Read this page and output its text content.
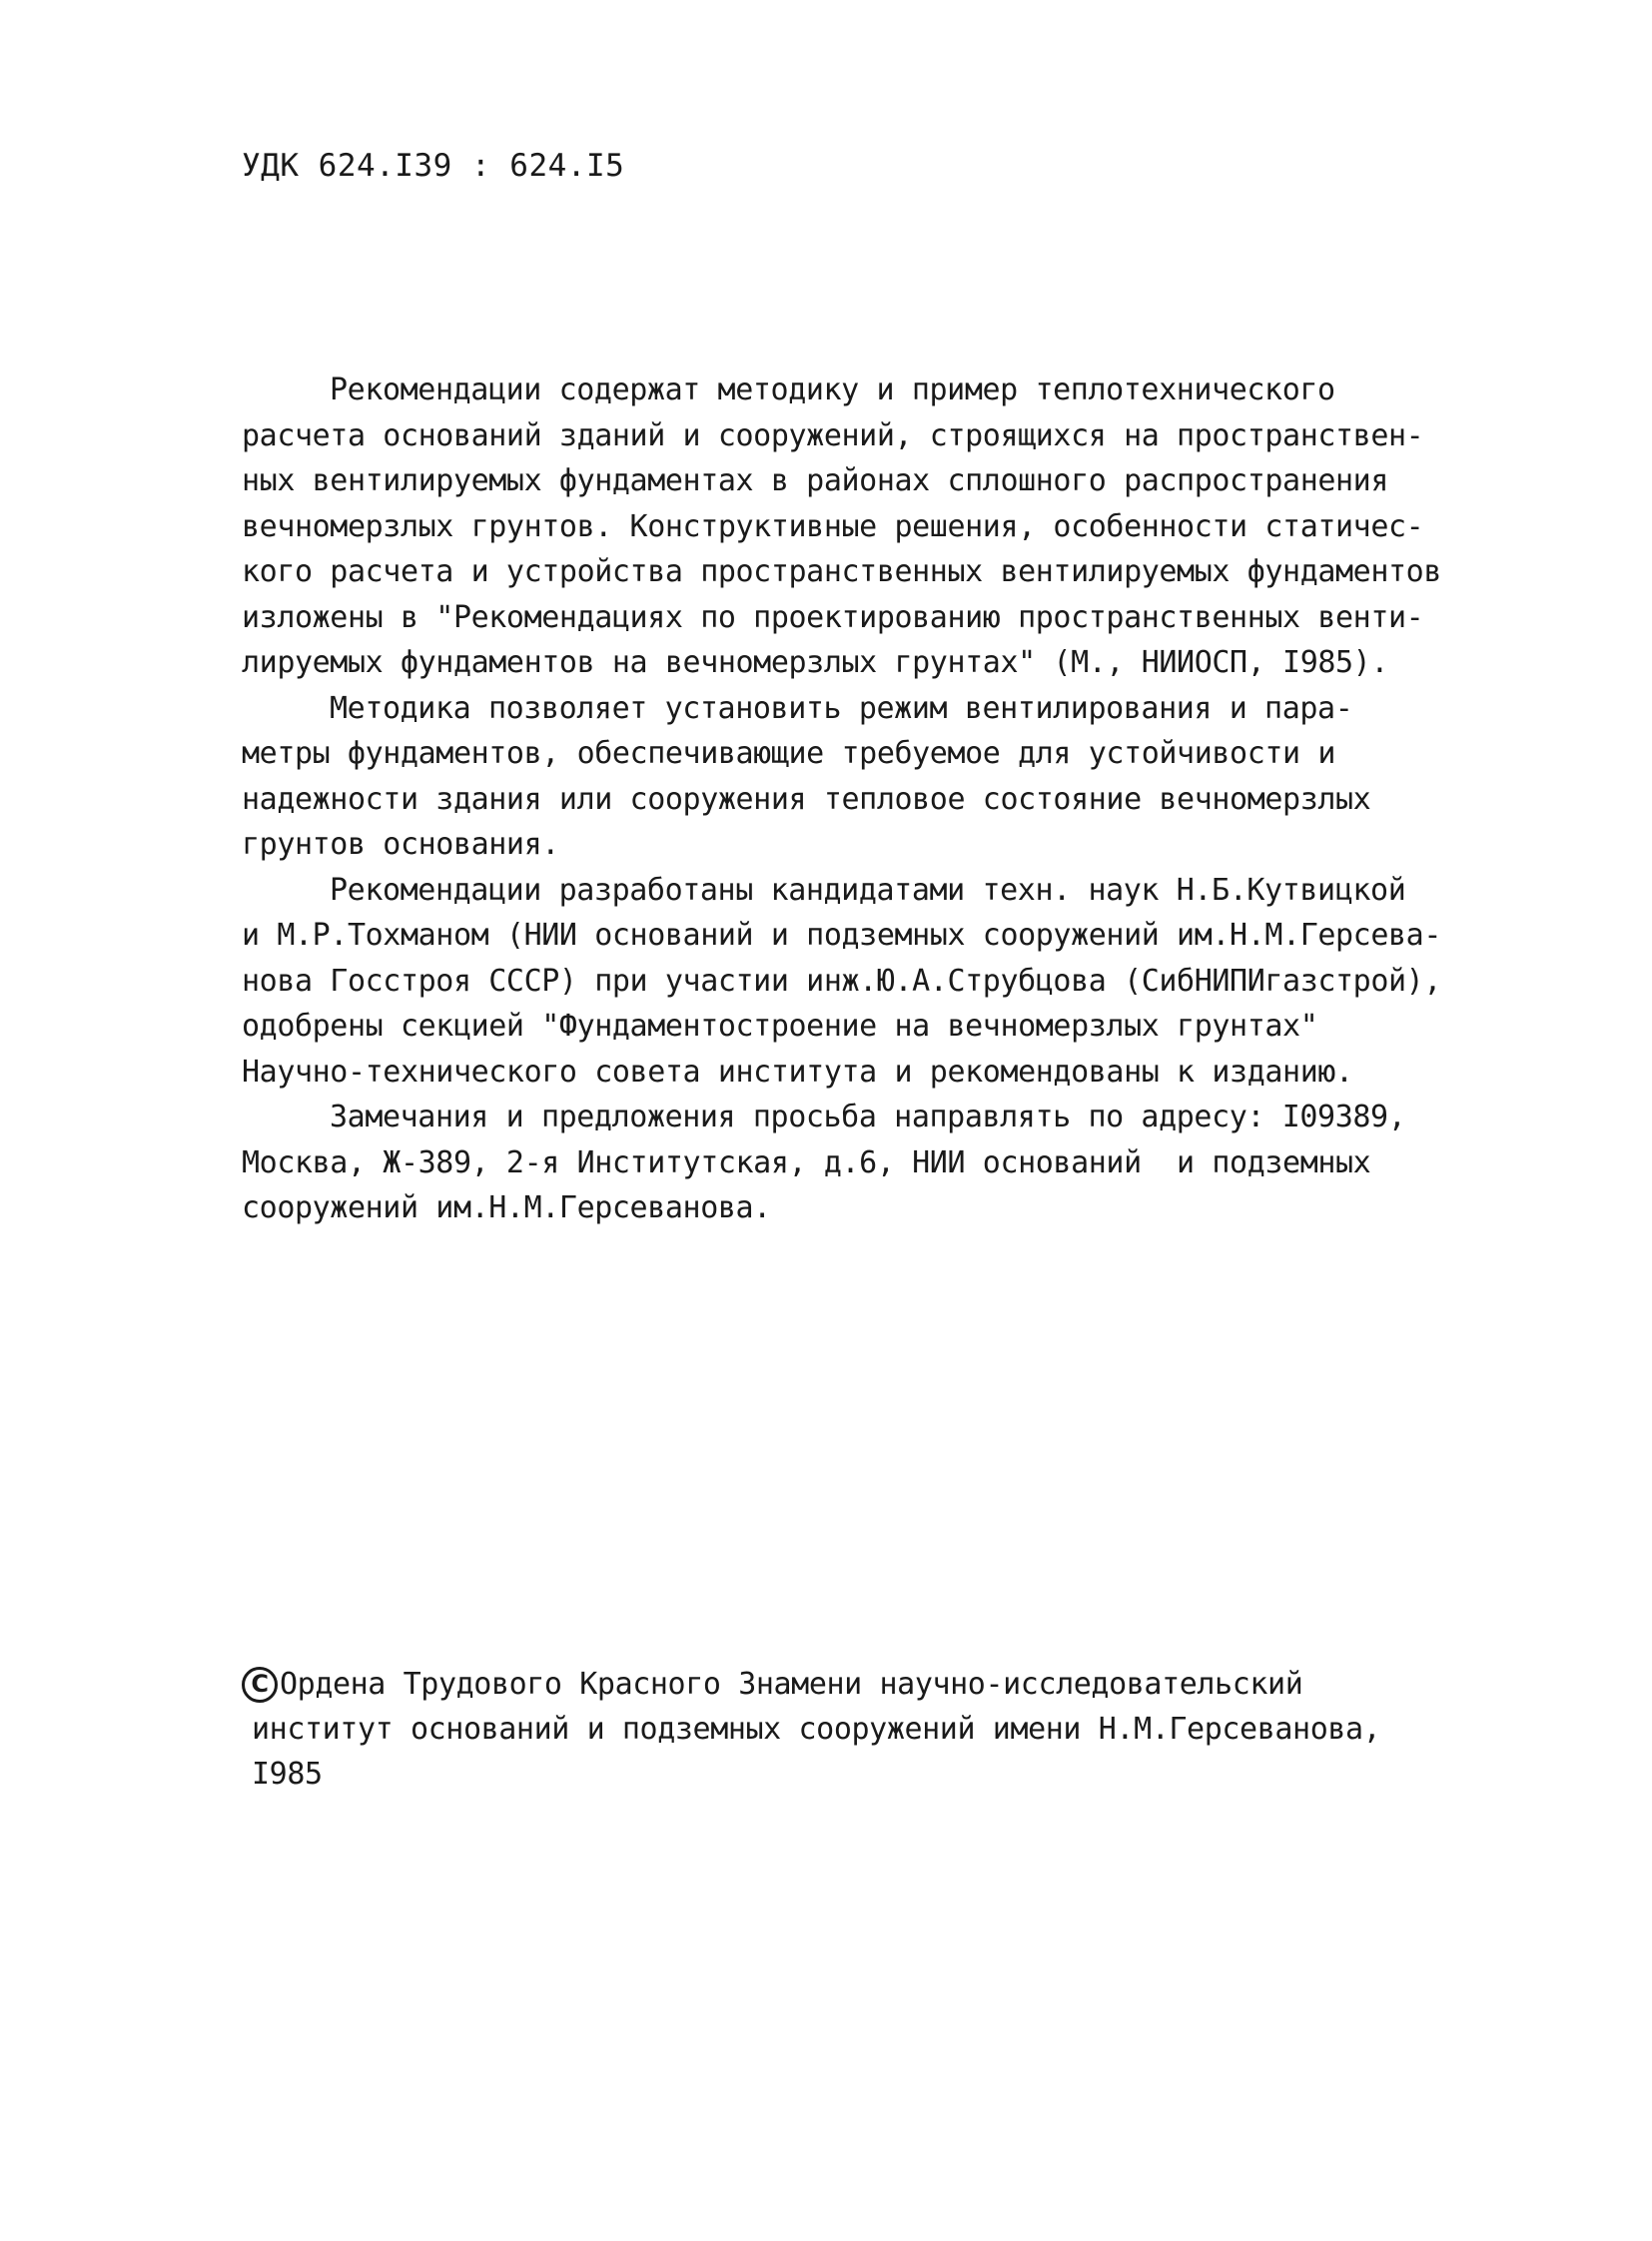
УДК 624.I39 : 624.I5
Рекомендации содержат методику и пример теплотехнического
расчета оснований зданий и сооружений, строящихся на пространствен-
ных вентилируемых фундаментах в районах сплошного распространения
вечномерзлых грунтов. Конструктивные решения, особенности статичес-
кого расчета и устройства пространственных вентилируемых фундаментов
изложены в "Рекомендациях по проектированию пространственных венти-
лируемых фундаментов на вечномерзлых грунтах" (М., НИИОСП, I985).
Методика позволяет установить режим вентилирования и пара-
метры фундаментов, обеспечивающие требуемое для устойчивости и
надежности здания или сооружения тепловое состояние вечномерзлых
грунтов основания.
Рекомендации разработаны кандидатами техн. наук Н.Б.Кутвицкой
и М.Р.Тохманом (НИИ оснований и подземных сооружений им.Н.М.Герсева-
нова Госстроя СССР) при участии инж.Ю.А.Струбцова (СибНИПИгазстрой),
одобрены секцией "Фундаментостроение на вечномерзлых грунтах"
Научно-технического совета института и рекомендованы к изданию.
Замечания и предложения просьба направлять по адресу: I09389,
Москва, Ж-389, 2-я Институтская, д.6, НИИ оснований  и подземных
сооружений им.Н.М.Герсеванова.
С Ордена Трудового Красного Знамени научно-исследовательский
институт оснований и подземных сооружений имени Н.М.Герсеванова,
I985
